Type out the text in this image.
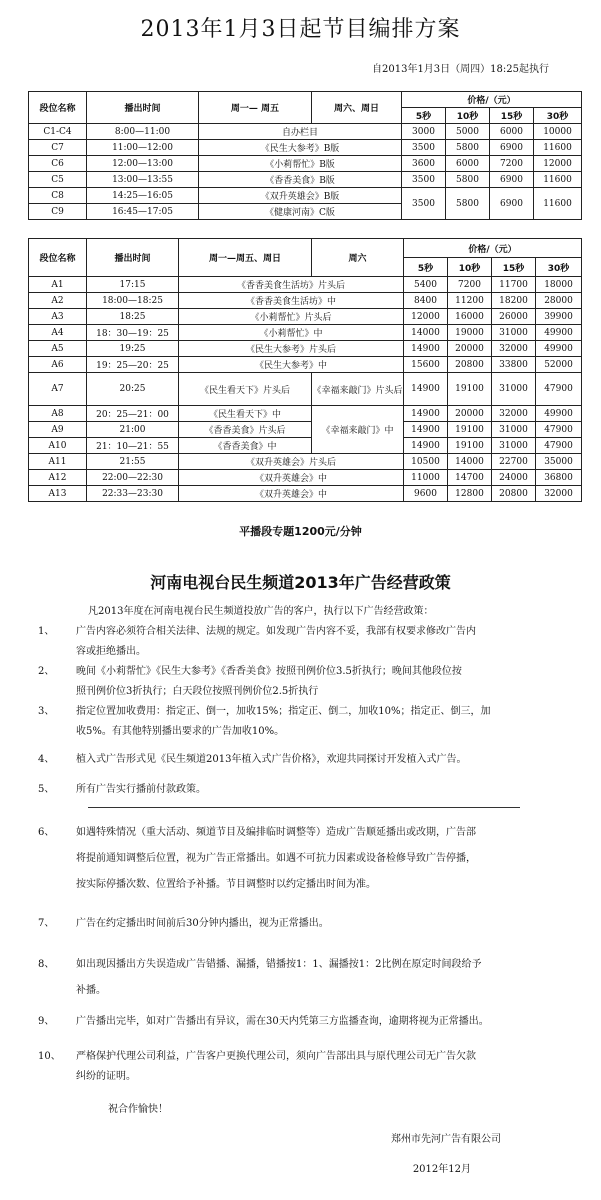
2013年1月3日起节目编排方案
自2013年1月3日（周四）18:25起执行
段位名称	播出时间	周一— 周五	周六、周日	价格/（元）			
				5秒	10秒	15秒	30秒
C1-C4	8:00—11:00	自办栏目		3000	5000	6000	10000
C7	11:00—12:00	《民生大参考》B版		3500	5800	6900	11600
C6	12:00—13:00	《小莉帮忙》B版		3600	6000	7200	12000
C5	13:00—13:55	《香香美食》B版		3500	5800	6900	11600
C8	14:25—16:05	《双升英雄会》B版		3500	5800	6900	11600
C9	16:45—17:05	《健康河南》C版					
段位名称	播出时间	周一—周五、周日	周六	价格/（元）			
				5秒	10秒	15秒	30秒
A1	17:15	《香香美食生活坊》片头后		5400	7200	11700	18000
A2	18:00—18:25	《香香美食生活坊》中		8400	11200	18200	28000
A3	18:25	《小莉帮忙》片头后		12000	16000	26000	39900
A4	18：30—19：25	《小莉帮忙》中		14000	19000	31000	49900
A5	19:25	《民生大参考》片头后		14900	20000	32000	49900
A6	19：25—20：25	《民生大参考》中		15600	20800	33800	52000
A7	20:25	《民生看天下》片头后	《幸福来敲门》片头后	14900	19100	31000	47900
A8	20：25—21：00	《民生看天下》中	《幸福来敲门》中	14900	20000	32000	49900
A9	21:00	《香香美食》片头后		14900	19100	31000	47900
A10	21：10—21：55	《香香美食》中		14900	19100	31000	47900
A11	21:55	《双升英雄会》片头后		10500	14000	22700	35000
A12	22:00—22:30	《双升英雄会》中		11000	14700	24000	36800
A13	22:33—23:30	《双升英雄会》中		9600	12800	20800	32000
平播段专题1200元/分钟
河南电视台民生频道2013年广告经营政策
凡2013年度在河南电视台民生频道投放广告的客户，执行以下广告经营政策：
1、 广告内容必须符合相关法律、法规的规定。如发现广告内容不妥，我部有权要求修改广告内
容或拒绝播出。
2、 晚间《小莉帮忙》《民生大参考》《香香美食》按照刊例价位3.5折执行；晚间其他段位按
照刊例价位3折执行；白天段位按照刊例价位2.5折执行
3、 指定位置加收费用：指定正、倒一，加收15%；指定正、倒二，加收10%；指定正、倒三，加
收5%。有其他特别播出要求的广告加收10%。
4、 植入式广告形式见《民生频道2013年植入式广告价格》，欢迎共同探讨开发植入式广告。
5、 所有广告实行播前付款政策。
6、 如遇特殊情况（重大活动、频道节目及编排临时调整等）造成广告顺延播出或改期，广告部
将提前通知调整后位置，视为广告正常播出。如遇不可抗力因素或设备检修导致广告停播，
按实际停播次数、位置给予补播。节目调整时以约定播出时间为准。
7、 广告在约定播出时间前后30分钟内播出，视为正常播出。
8、 如出现因播出方失误造成广告错播、漏播，错播按1：1、漏播按1：2比例在原定时间段给予
补播。
9、 广告播出完毕，如对广告播出有异议，需在30天内凭第三方监播查询，逾期将视为正常播出。
10、 严格保护代理公司利益，广告客户更换代理公司，须向广告部出具与原代理公司无广告欠款
纠纷的证明。
祝合作愉快！
郑州市先河广告有限公司
2012年12月
